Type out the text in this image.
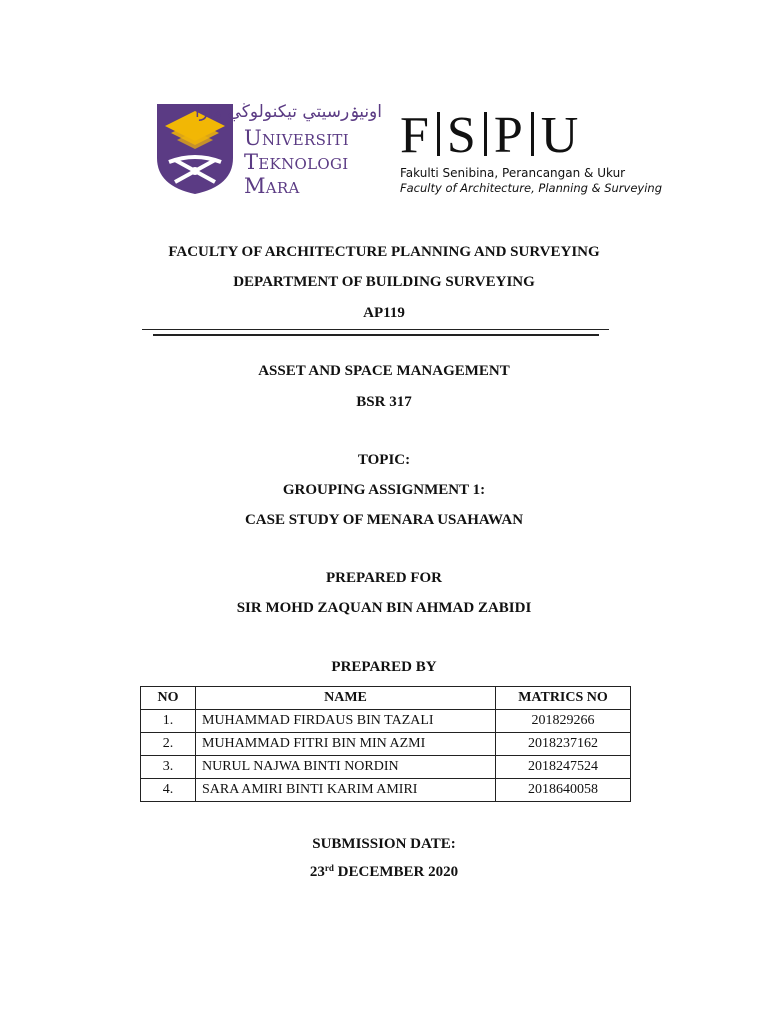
اونيۏرسيتي تيكنولوڬي مارا
Universiti
Teknologi
Mara
F S P U
Fakulti Senibina, Perancangan & Ukur
Faculty of Architecture, Planning & Surveying
FACULTY OF ARCHITECTURE PLANNING AND SURVEYING
DEPARTMENT OF BUILDING SURVEYING
AP119
ASSET AND SPACE MANAGEMENT
BSR 317
TOPIC:
GROUPING ASSIGNMENT 1:
CASE STUDY OF MENARA USAHAWAN
PREPARED FOR
SIR MOHD ZAQUAN BIN AHMAD ZABIDI
PREPARED BY
NO	NAME	MATRICS NO
1.	MUHAMMAD FIRDAUS BIN TAZALI	201829266
2.	MUHAMMAD FITRI BIN MIN AZMI	2018237162
3.	NURUL NAJWA BINTI NORDIN	2018247524
4.	SARA AMIRI BINTI KARIM AMIRI	2018640058
SUBMISSION DATE:
23rd DECEMBER 2020
